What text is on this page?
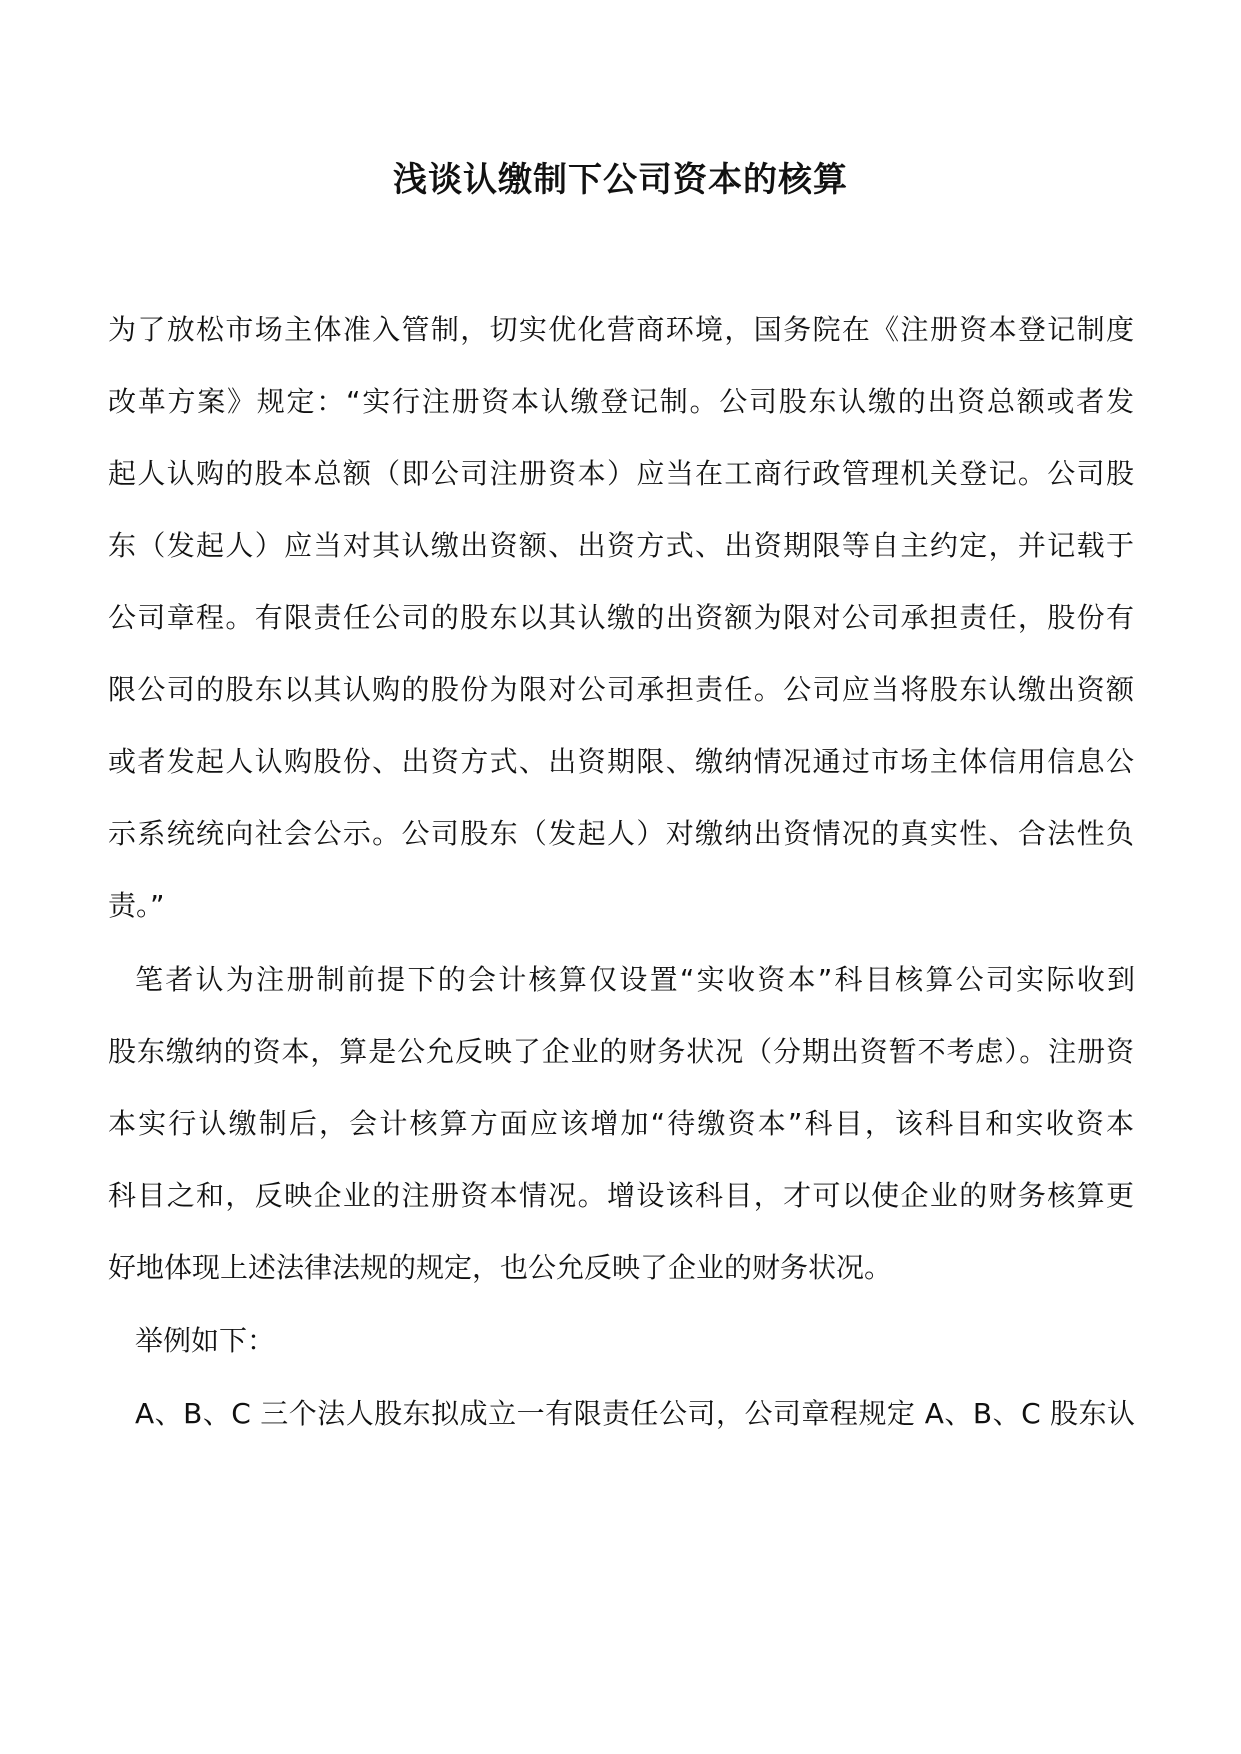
浅谈认缴制下公司资本的核算

为了放松市场主体准入管制，切实优化营商环境，国务院在《注册资本登记制度

改革方案》规定：“实行注册资本认缴登记制。公司股东认缴的出资总额或者发

起人认购的股本总额（即公司注册资本）应当在工商行政管理机关登记。公司股

东（发起人）应当对其认缴出资额、出资方式、出资期限等自主约定，并记载于

公司章程。有限责任公司的股东以其认缴的出资额为限对公司承担责任，股份有

限公司的股东以其认购的股份为限对公司承担责任。公司应当将股东认缴出资额

或者发起人认购股份、出资方式、出资期限、缴纳情况通过市场主体信用信息公

示系统统向社会公示。公司股东（发起人）对缴纳出资情况的真实性、合法性负

责。”

笔者认为注册制前提下的会计核算仅设置“实收资本”科目核算公司实际收到

股东缴纳的资本，算是公允反映了企业的财务状况（分期出资暂不考虑）。注册资

本实行认缴制后，会计核算方面应该增加“待缴资本”科目，该科目和实收资本

科目之和，反映企业的注册资本情况。增设该科目，才可以使企业的财务核算更

好地体现上述法律法规的规定，也公允反映了企业的财务状况。

举例如下：

A、B、C 三个法人股东拟成立一有限责任公司，公司章程规定 A、B、C 股东认
